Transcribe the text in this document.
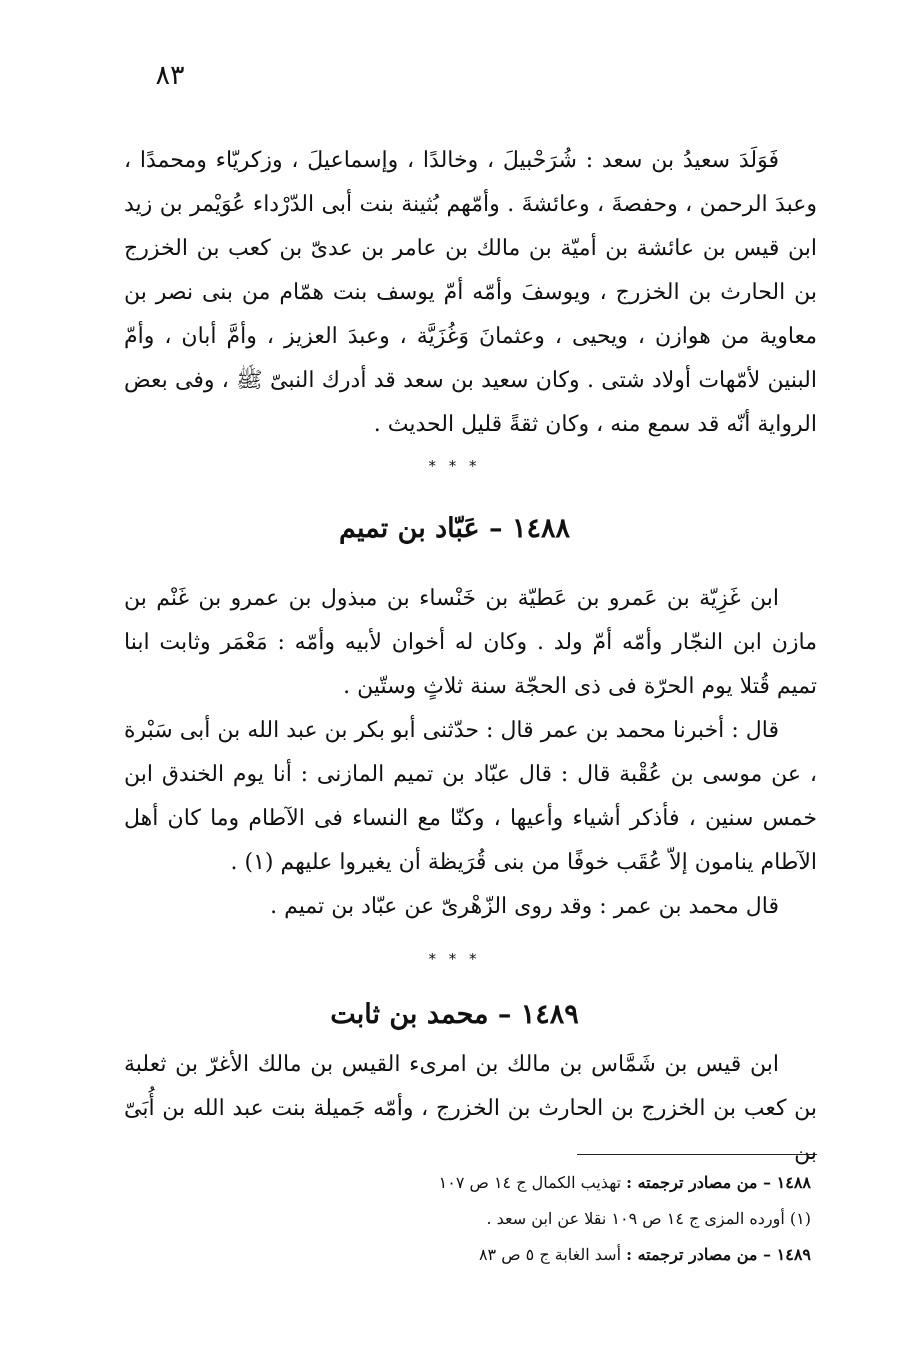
٨٣

فَوَلَدَ سعيدُ بن سعد : شُرَحْبيلَ ، وخالدًا ، وإسماعيلَ ، وزكريّاء ومحمدًا ، وعبدَ الرحمن ، وحفصةَ ، وعائشةَ . وأمّهم بُثينة بنت أبى الدّرْداء عُوَيْمر بن زيد ابن قيس بن عائشة بن أميّة بن مالك بن عامر بن عدىّ بن كعب بن الخزرج بن الحارث بن الخزرج ، ويوسفَ وأمّه أمّ يوسف بنت همّام من بنى نصر بن معاوية من هوازن ، ويحيى ، وعثمانَ وَغُزَيَّة ، وعبدَ العزيز ، وأمَّ أبان ، وأمّ البنين لأمّهات أولاد شتى . وكان سعيد بن سعد قد أدرك النبىّ ﷺ ، وفى بعض الرواية أنّه قد سمع منه ، وكان ثقةً قليل الحديث .

* * *
١٤٨٨ – عَبّاد بن تميم

ابن غَزِيّة بن عَمرو بن عَطيّة بن خَنْساء بن مبذول بن عمرو بن غَنْم بن مازن ابن النجّار وأمّه أمّ ولد . وكان له أخوان لأبيه وأمّه : مَعْمَر وثابت ابنا تميم قُتلا يوم الحرّة فى ذى الحجّة سنة ثلاثٍ وستّين .

قال : أخبرنا محمد بن عمر قال : حدّثنى أبو بكر بن عبد الله بن أبى سَبْرة ، عن موسى بن عُقْبة قال : قال عبّاد بن تميم المازنى : أنا يوم الخندق ابن خمس سنين ، فأذكر أشياء وأعيها ، وكنّا مع النساء فى الآطام وما كان أهل الآطام ينامون إلاّ عُقَب خوفًا من بنى قُرَيظة أن يغيروا عليهم (١) .

قال محمد بن عمر : وقد روى الزّهْرىّ عن عبّاد بن تميم .

* * *
١٤٨٩ – محمد بن ثابت

ابن قيس بن شَمَّاس بن مالك بن امرىء القيس بن مالك الأغرّ بن ثعلبة بن كعب بن الخزرج بن الحارث بن الخزرج ، وأمّه جَميلة بنت عبد الله بن أُبَىّ بن

١٤٨٨ – من مصادر ترجمته : تهذيب الكمال ج ١٤ ص ١٠٧
(١) أورده المزى ج ١٤ ص ١٠٩ نقلا عن ابن سعد .
١٤٨٩ – من مصادر ترجمته : أسد الغابة ج ٥ ص ٨٣
